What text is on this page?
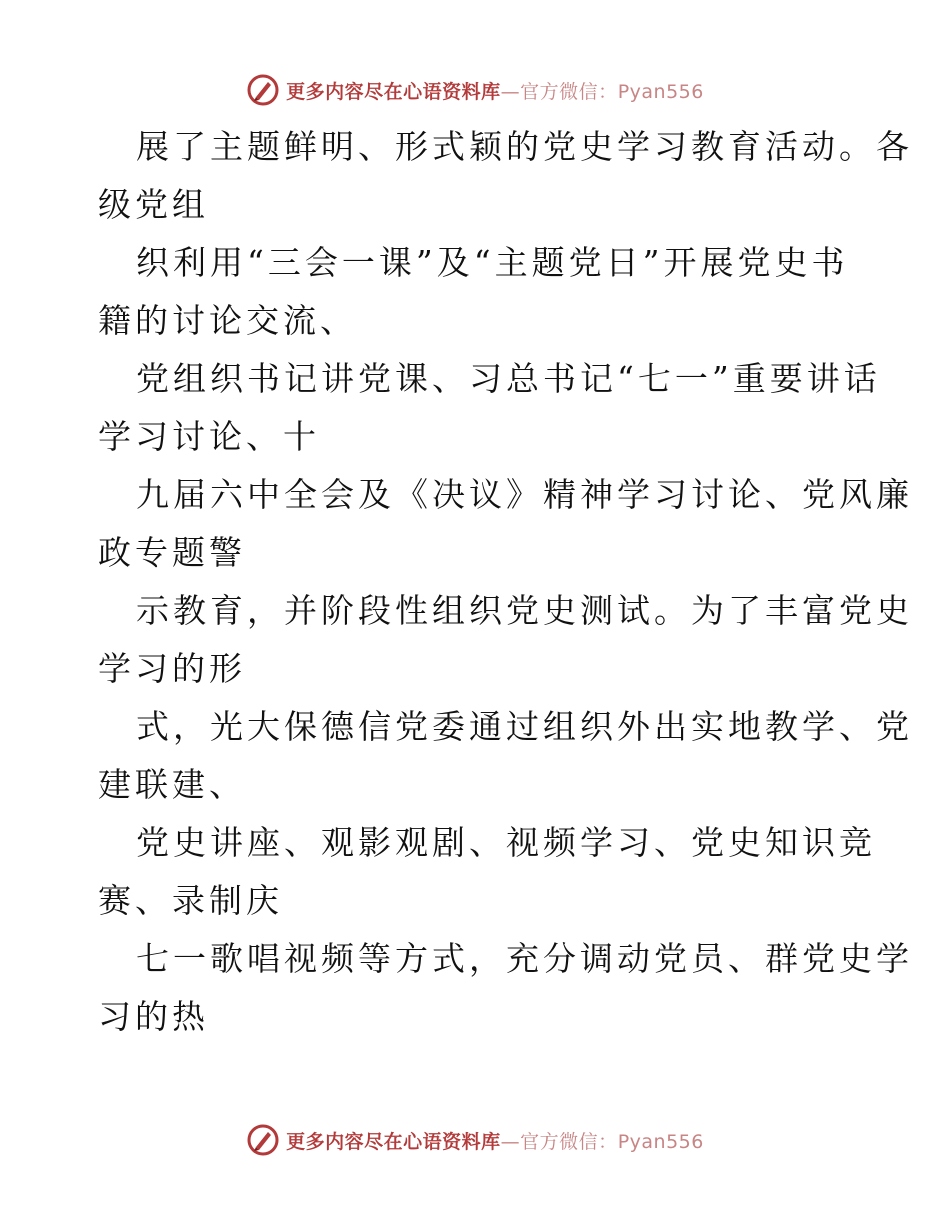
更多内容尽在心语资料库—官方微信：Pyan556
展了主题鲜明、形式颖的党史学习教育活动。各
级党组
织利用“三会一课”及“主题党日”开展党史书
籍的讨论交流、
党组织书记讲党课、习总书记“七一”重要讲话
学习讨论、十
九届六中全会及《决议》精神学习讨论、党风廉
政专题警
示教育，并阶段性组织党史测试。为了丰富党史
学习的形
式，光大保德信党委通过组织外出实地教学、党
建联建、
党史讲座、观影观剧、视频学习、党史知识竞
赛、录制庆
七一歌唱视频等方式，充分调动党员、群党史学
习的热
更多内容尽在心语资料库—官方微信：Pyan556
